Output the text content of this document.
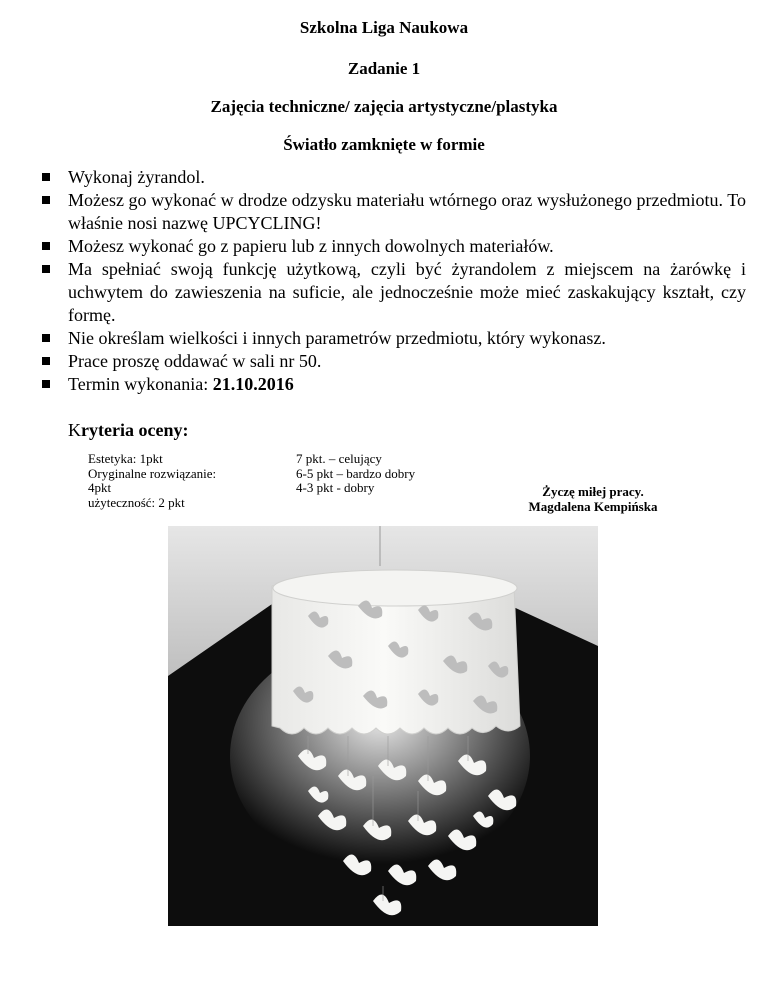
Szkolna Liga Naukowa

Zadanie 1

Zajęcia techniczne/ zajęcia artystyczne/plastyka

Światło zamknięte w formie

Wykonaj żyrandol.
Możesz go wykonać w drodze odzysku materiału wtórnego oraz wysłużonego przedmiotu. To właśnie nosi nazwę UPCYCLING!
Możesz wykonać go z papieru lub z innych dowolnych materiałów.
Ma spełniać swoją funkcję użytkową, czyli być żyrandolem z miejscem na żarówkę i uchwytem do zawieszenia na suficie, ale jednocześnie może mieć zaskakujący kształt, czy formę.
Nie określam wielkości i innych parametrów przedmiotu, który wykonasz.
Prace proszę oddawać w sali nr 50.
Termin wykonania: 21.10.2016
Kryteria oceny:
Estetyka: 1pkt
Oryginalne rozwiązanie:
4pkt
użyteczność: 2 pkt
7 pkt. – celujący
6-5 pkt – bardzo dobry
4-3 pkt - dobry	Życzę miłej pracy.
Magdalena Kempińska
